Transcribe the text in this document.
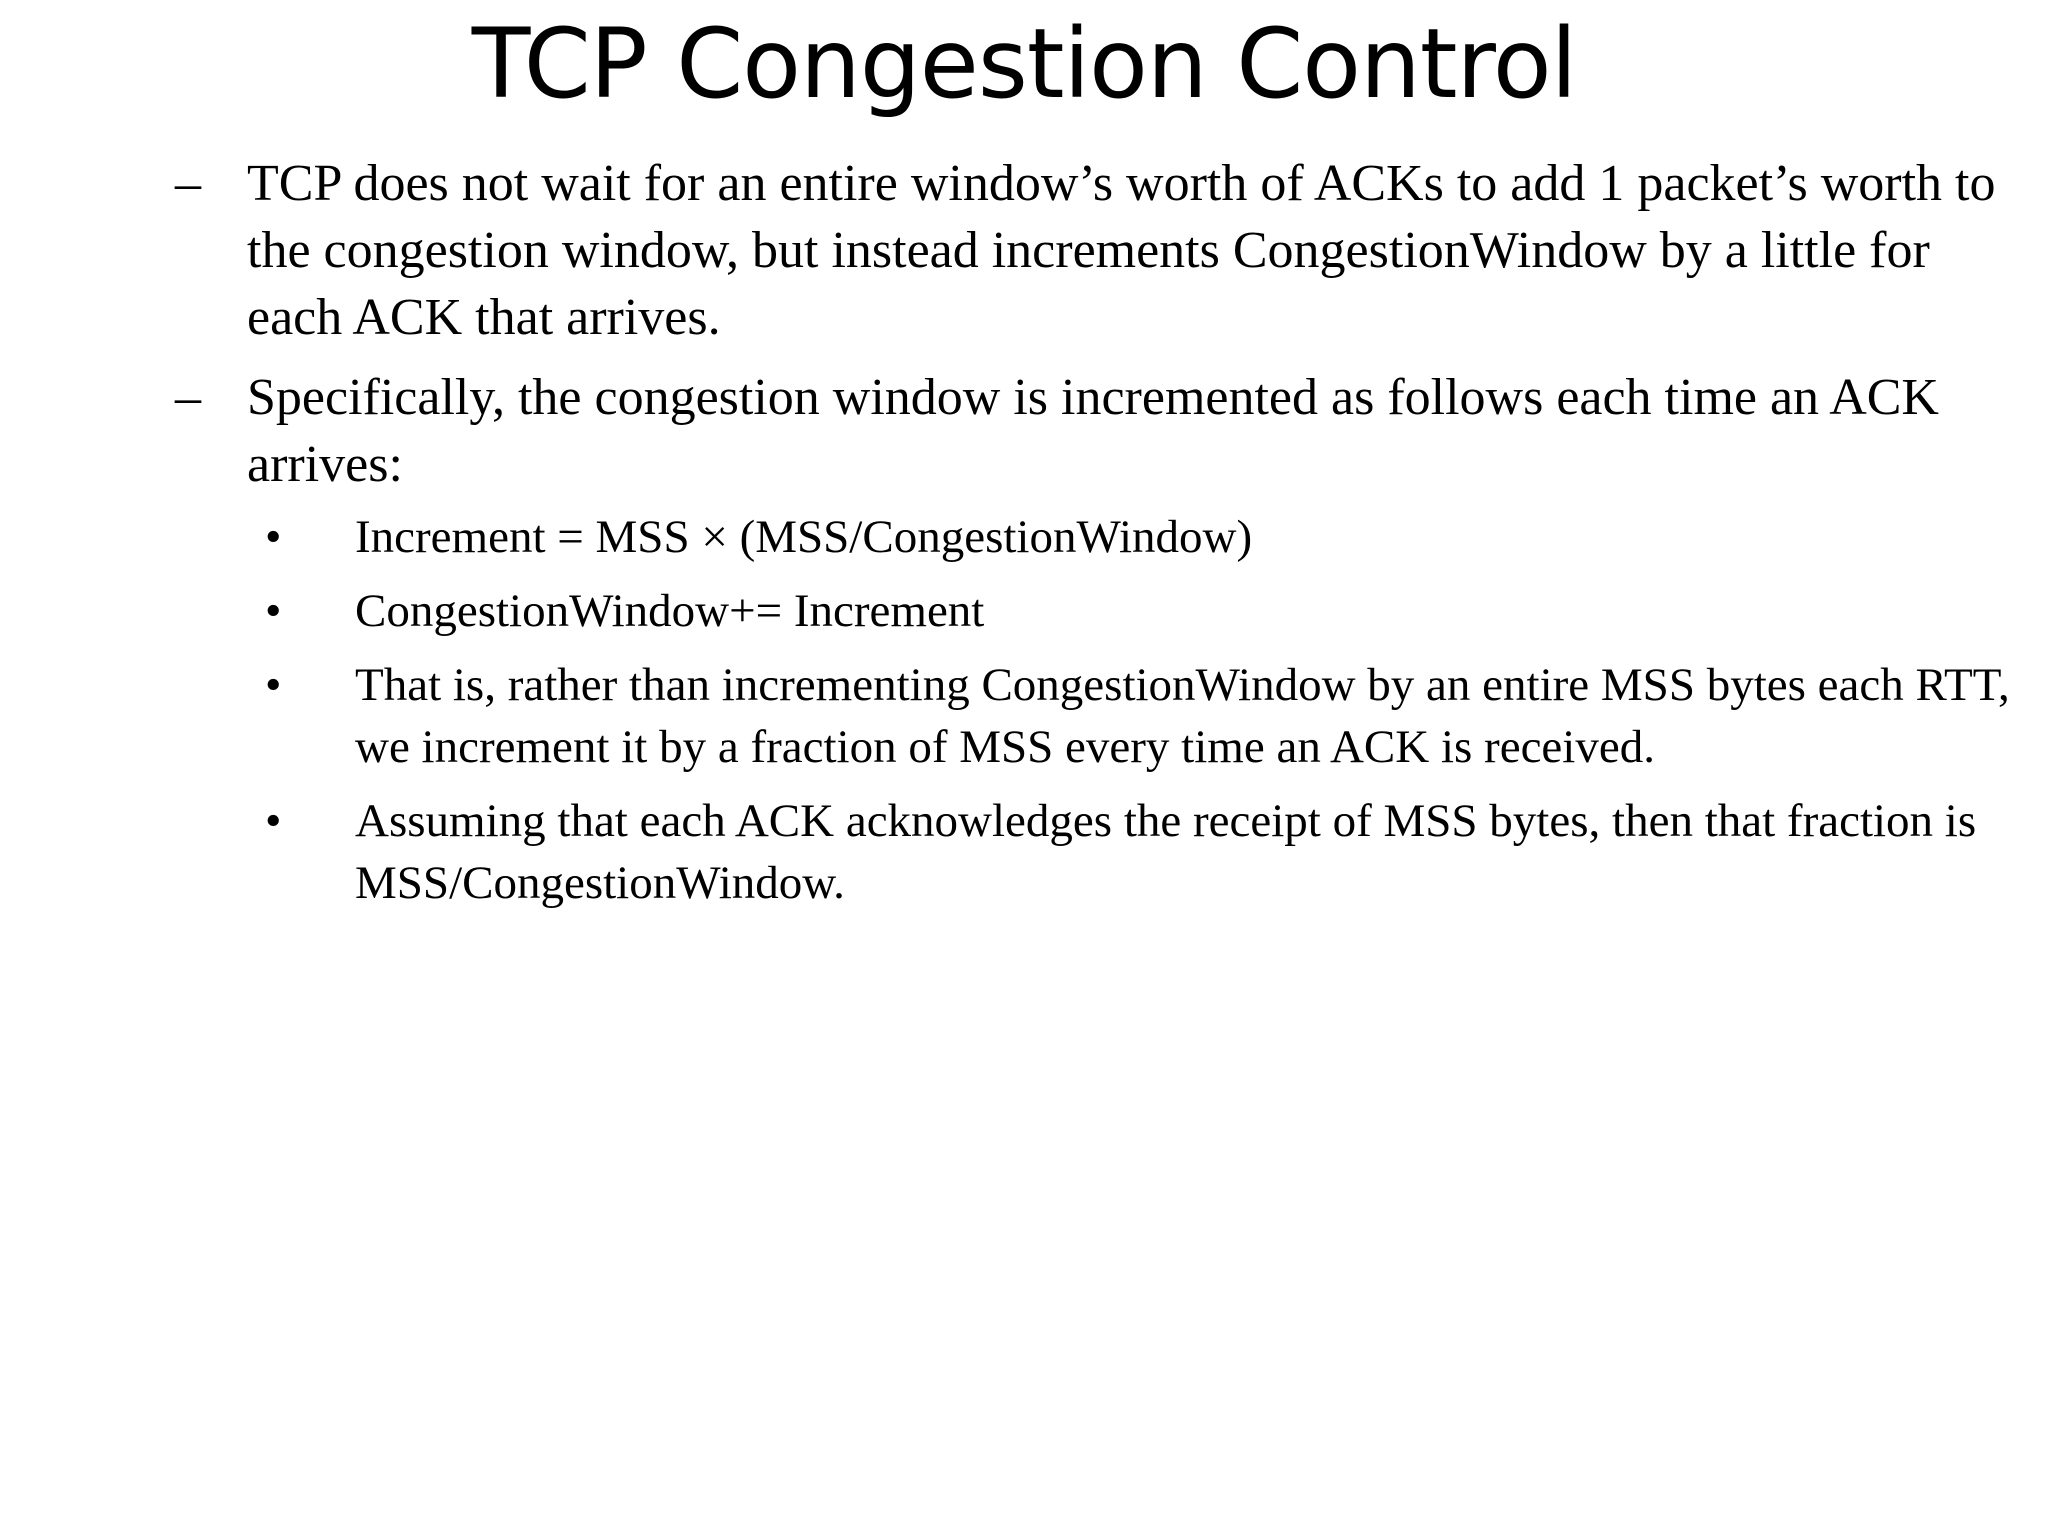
TCP Congestion Control
– TCP does not wait for an entire window’s worth of ACKs to add 1 packet’s worth to the congestion window, but instead increments CongestionWindow by a little for each ACK that arrives.
– Specifically, the congestion window is incremented as follows each time an ACK arrives:
•	Increment = MSS × (MSS/CongestionWindow)
•	CongestionWindow+= Increment
•	That is, rather than incrementing CongestionWindow by an entire MSS bytes each RTT, we increment it by a fraction of MSS every time an ACK is received.
•	Assuming that each ACK acknowledges the receipt of MSS bytes, then that fraction is MSS/CongestionWindow.
